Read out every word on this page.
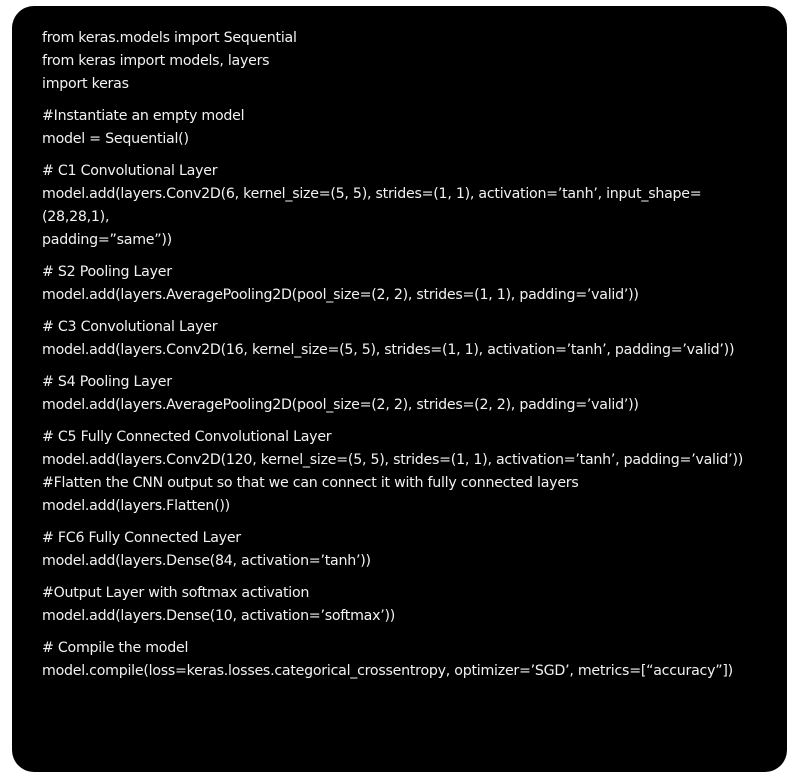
from keras.models import Sequential
from keras import models, layers
import keras
#Instantiate an empty model
model = Sequential()
# C1 Convolutional Layer
model.add(layers.Conv2D(6, kernel_size=(5, 5), strides=(1, 1), activation=’tanh’, input_shape=(28,28,1),
padding=”same”))
# S2 Pooling Layer
model.add(layers.AveragePooling2D(pool_size=(2, 2), strides=(1, 1), padding=’valid’))
# C3 Convolutional Layer
model.add(layers.Conv2D(16, kernel_size=(5, 5), strides=(1, 1), activation=’tanh’, padding=’valid’))
# S4 Pooling Layer
model.add(layers.AveragePooling2D(pool_size=(2, 2), strides=(2, 2), padding=’valid’))
# C5 Fully Connected Convolutional Layer
model.add(layers.Conv2D(120, kernel_size=(5, 5), strides=(1, 1), activation=’tanh’, padding=’valid’))
#Flatten the CNN output so that we can connect it with fully connected layers
model.add(layers.Flatten())
# FC6 Fully Connected Layer
model.add(layers.Dense(84, activation=’tanh’))
#Output Layer with softmax activation
model.add(layers.Dense(10, activation=’softmax’))
# Compile the model
model.compile(loss=keras.losses.categorical_crossentropy, optimizer=’SGD’, metrics=[“accuracy”])
